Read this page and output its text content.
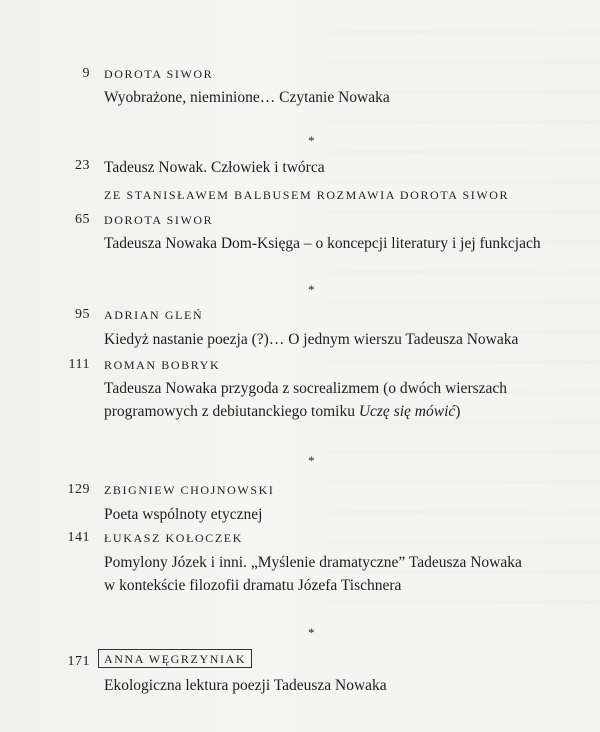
9 DOROTA SIWOR
Wyobrażone, nieminione… Czytanie Nowaka
*
23 Tadeusz Nowak. Człowiek i twórca
ZE STANISŁAWEM BALBUSEM ROZMAWIA DOROTA SIWOR
65 DOROTA SIWOR
Tadeusza Nowaka Dom-Księga – o koncepcji literatury i jej funkcjach
*
95 ADRIAN GLEŃ
Kiedyż nastanie poezja (?)… O jednym wierszu Tadeusza Nowaka
111 ROMAN BOBRYK
Tadeusza Nowaka przygoda z socrealizmem (o dwóch wierszach
programowych z debiutanckiego tomiku Uczę się mówić)
*
129 ZBIGNIEW CHOJNOWSKI
Poeta wspólnoty etycznej
141 ŁUKASZ KOŁOCZEK
Pomylony Józek i inni. „Myślenie dramatyczne” Tadeusza Nowaka
w kontekście filozofii dramatu Józefa Tischnera
*
171 ANNA WĘGRZYNIAK
Ekologiczna lektura poezji Tadeusza Nowaka
